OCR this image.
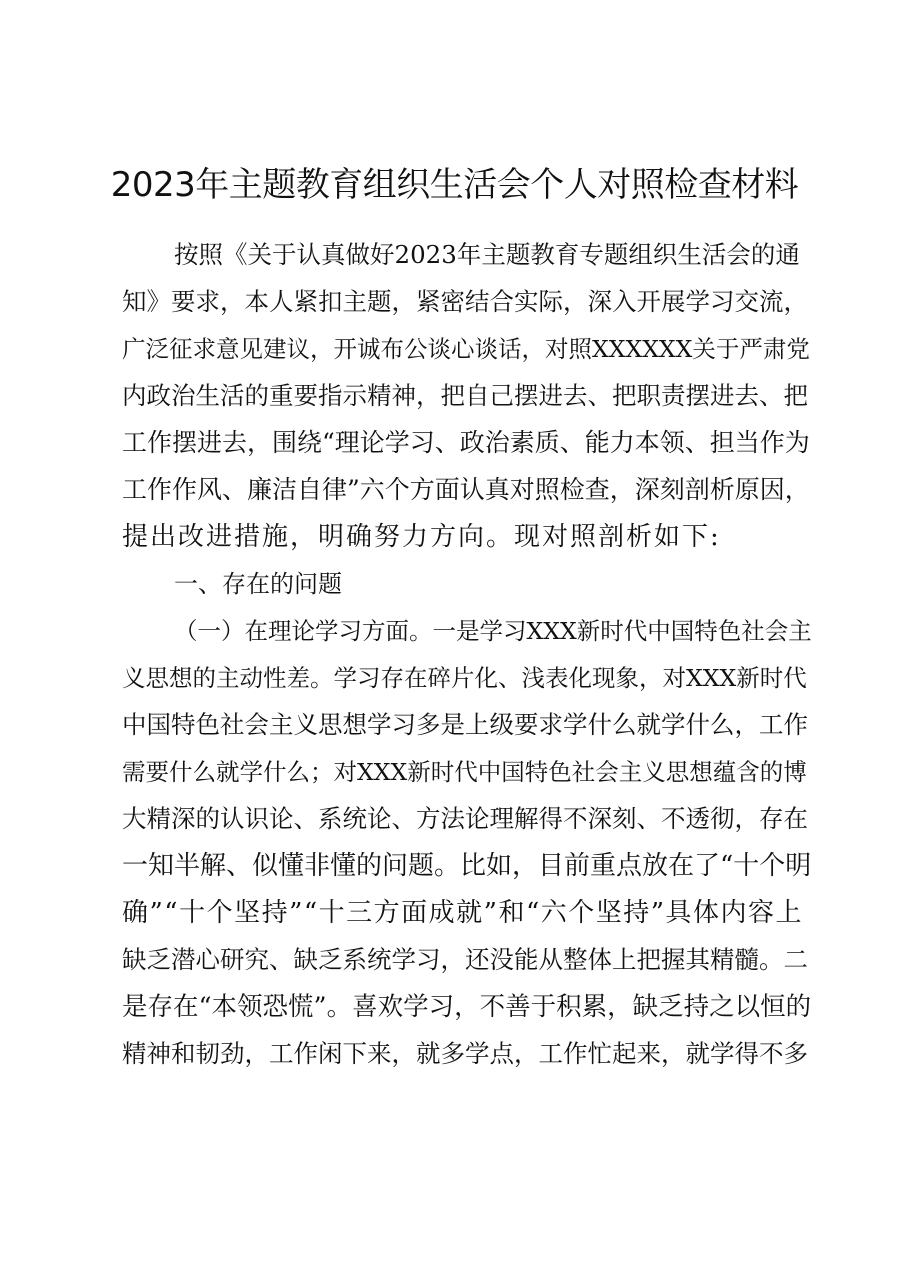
2023年主题教育组织生活会个人对照检查材料
按照《关于认真做好2023年主题教育专题组织生活会的通
知》要求，本人紧扣主题，紧密结合实际，深入开展学习交流，
广泛征求意见建议，开诚布公谈心谈话，对照XXXXXX关于严肃党
内政治生活的重要指示精神，把自己摆进去、把职责摆进去、把
工作摆进去，围绕“理论学习、政治素质、能力本领、担当作为
工作作风、廉洁自律”六个方面认真对照检查，深刻剖析原因，
提出改进措施，明确努力方向。现对照剖析如下:
一、存在的问题
（一）在理论学习方面。一是学习XXX新时代中国特色社会主
义思想的主动性差。学习存在碎片化、浅表化现象，对XXX新时代
中国特色社会主义思想学习多是上级要求学什么就学什么，工作
需要什么就学什么；对XXX新时代中国特色社会主义思想蕴含的博
大精深的认识论、系统论、方法论理解得不深刻、不透彻，存在
一知半解、似懂非懂的问题。比如，目前重点放在了“十个明
确”“十个坚持”“十三方面成就”和“六个坚持”具体内容上
缺乏潜心研究、缺乏系统学习，还没能从整体上把握其精髓。二
是存在“本领恐慌”。喜欢学习，不善于积累，缺乏持之以恒的
精神和韧劲，工作闲下来，就多学点，工作忙起来，就学得不多
